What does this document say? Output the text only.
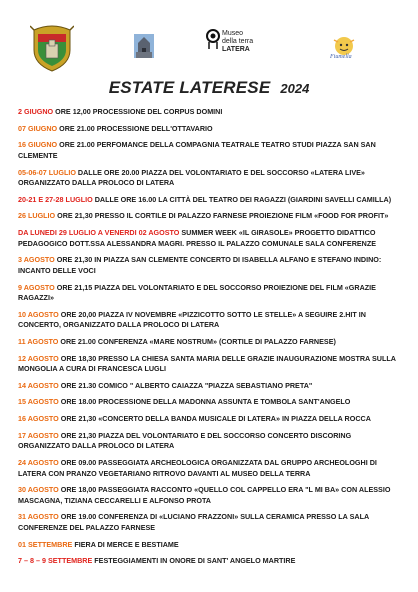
Museo
della terra
LATERA
Fiumella
ESTATE LATERESE 2024
2 GIUGNO ORE 12,00 PROCESSIONE DEL CORPUS DOMINI
07 GIUGNO ORE 21.00 PROCESSIONE DELL'OTTAVARIO
16 GIUGNO ORE 21.00 PERFOMANCE DELLA COMPAGNIA TEATRALE TEATRO STUDI PIAZZA SAN SAN CLEMENTE
05-06-07 LUGLIO DALLE ORE 20.00 PIAZZA DEL VOLONTARIATO E DEL SOCCORSO «LATERA LIVE» ORGANIZZATO DALLA PROLOCO DI LATERA
20-21 E 27-28 LUGLIO DALLE ORE 16.00 LA CITTÀ DEL TEATRO DEI RAGAZZI (GIARDINI SAVELLI CAMILLA)
26 LUGLIO ORE 21,30 PRESSO IL CORTILE DI PALAZZO FARNESE PROIEZIONE FILM «FOOD FOR PROFIT»
DA LUNEDI 29 LUGLIO A VENERDI 02 AGOSTO SUMMER WEEK «IL GIRASOLE» PROGETTO DIDATTICO PEDAGOGICO DOTT.SSA ALESSANDRA MAGRI. PRESSO IL PALAZZO COMUNALE SALA CONFERENZE
3 AGOSTO ORE 21,30 IN PIAZZA SAN CLEMENTE CONCERTO DI ISABELLA ALFANO E STEFANO INDINO: INCANTO DELLE VOCI
9 AGOSTO ORE 21,15 PIAZZA DEL VOLONTARIATO E DEL SOCCORSO PROIEZIONE DEL FILM «GRAZIE RAGAZZI»
10 AGOSTO ORE 20,00 PIAZZA IV NOVEMBRE «PIZZICOTTO SOTTO LE STELLE» A SEGUIRE 2.HIT IN CONCERTO, ORGANIZZATO DALLA PROLOCO DI LATERA
11 AGOSTO ORE 21.00 CONFERENZA «MARE NOSTRUM» (CORTILE DI PALAZZO FARNESE)
12 AGOSTO ORE 18,30 PRESSO LA CHIESA SANTA MARIA DELLE GRAZIE INAUGURAZIONE MOSTRA SULLA MONGOLIA A CURA DI FRANCESCA LUGLI
14 AGOSTO ORE 21.30 COMICO " ALBERTO CAIAZZA "PIAZZA SEBASTIANO PRETA"
15 AGOSTO ORE 18.00 PROCESSIONE DELLA MADONNA ASSUNTA E TOMBOLA SANT'ANGELO
16 AGOSTO ORE 21,30 «CONCERTO DELLA BANDA MUSICALE DI LATERA» IN PIAZZA DELLA ROCCA
17 AGOSTO ORE 21,30 PIAZZA DEL VOLONTARIATO E DEL SOCCORSO CONCERTO DISCORING ORGANIZZATO DALLA PROLOCO DI LATERA
24 AGOSTO ORE 09.00 PASSEGGIATA ARCHEOLOGICA ORGANIZZATA DAL GRUPPO ARCHEOLOGHI DI LATERA CON PRANZO VEGETARIANO RITROVO DAVANTI AL MUSEO DELLA TERRA
30 AGOSTO ORE 18,00 PASSEGGIATA RACCONTO «QUELLO COL CAPPELLO ERA "L MI BA» CON ALESSIO MASCAGNA, TIZIANA CECCARELLI E ALFONSO PROTA
31 AGOSTO ORE 19.00 CONFERENZA DI «LUCIANO FRAZZONI» SULLA CERAMICA PRESSO LA SALA CONFERENZE DEL PALAZZO FARNESE
01 SETTEMBRE FIERA DI MERCE E BESTIAME
7 – 8 – 9 SETTEMBRE FESTEGGIAMENTI IN ONORE DI SANT' ANGELO MARTIRE
